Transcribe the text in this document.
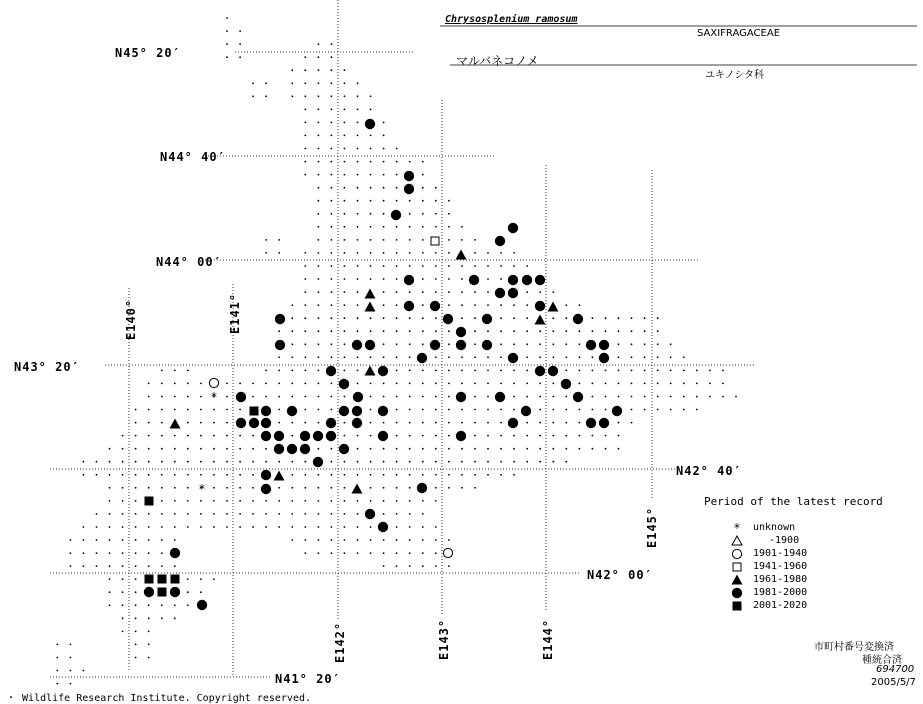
*
*
*
Chrysosplenium ramosum
SAXIFRAGACEAE
マルバネコノメ
ユキノシタ科
N45° 20′
N44° 40′
N44° 00′
N43° 20′
N42° 40′
N42° 00′
N41° 20′
E140°	E141°
E142°	E143°	E144°
E145°
Period of the latest record
unknown
-1900
1901-1940
1941-1960
1961-1980
1981-2000
2001-2020
市町村番号変換済
種統合済
694700
2005/5/7
・ Wildlife Research Institute. Copyright reserved.
